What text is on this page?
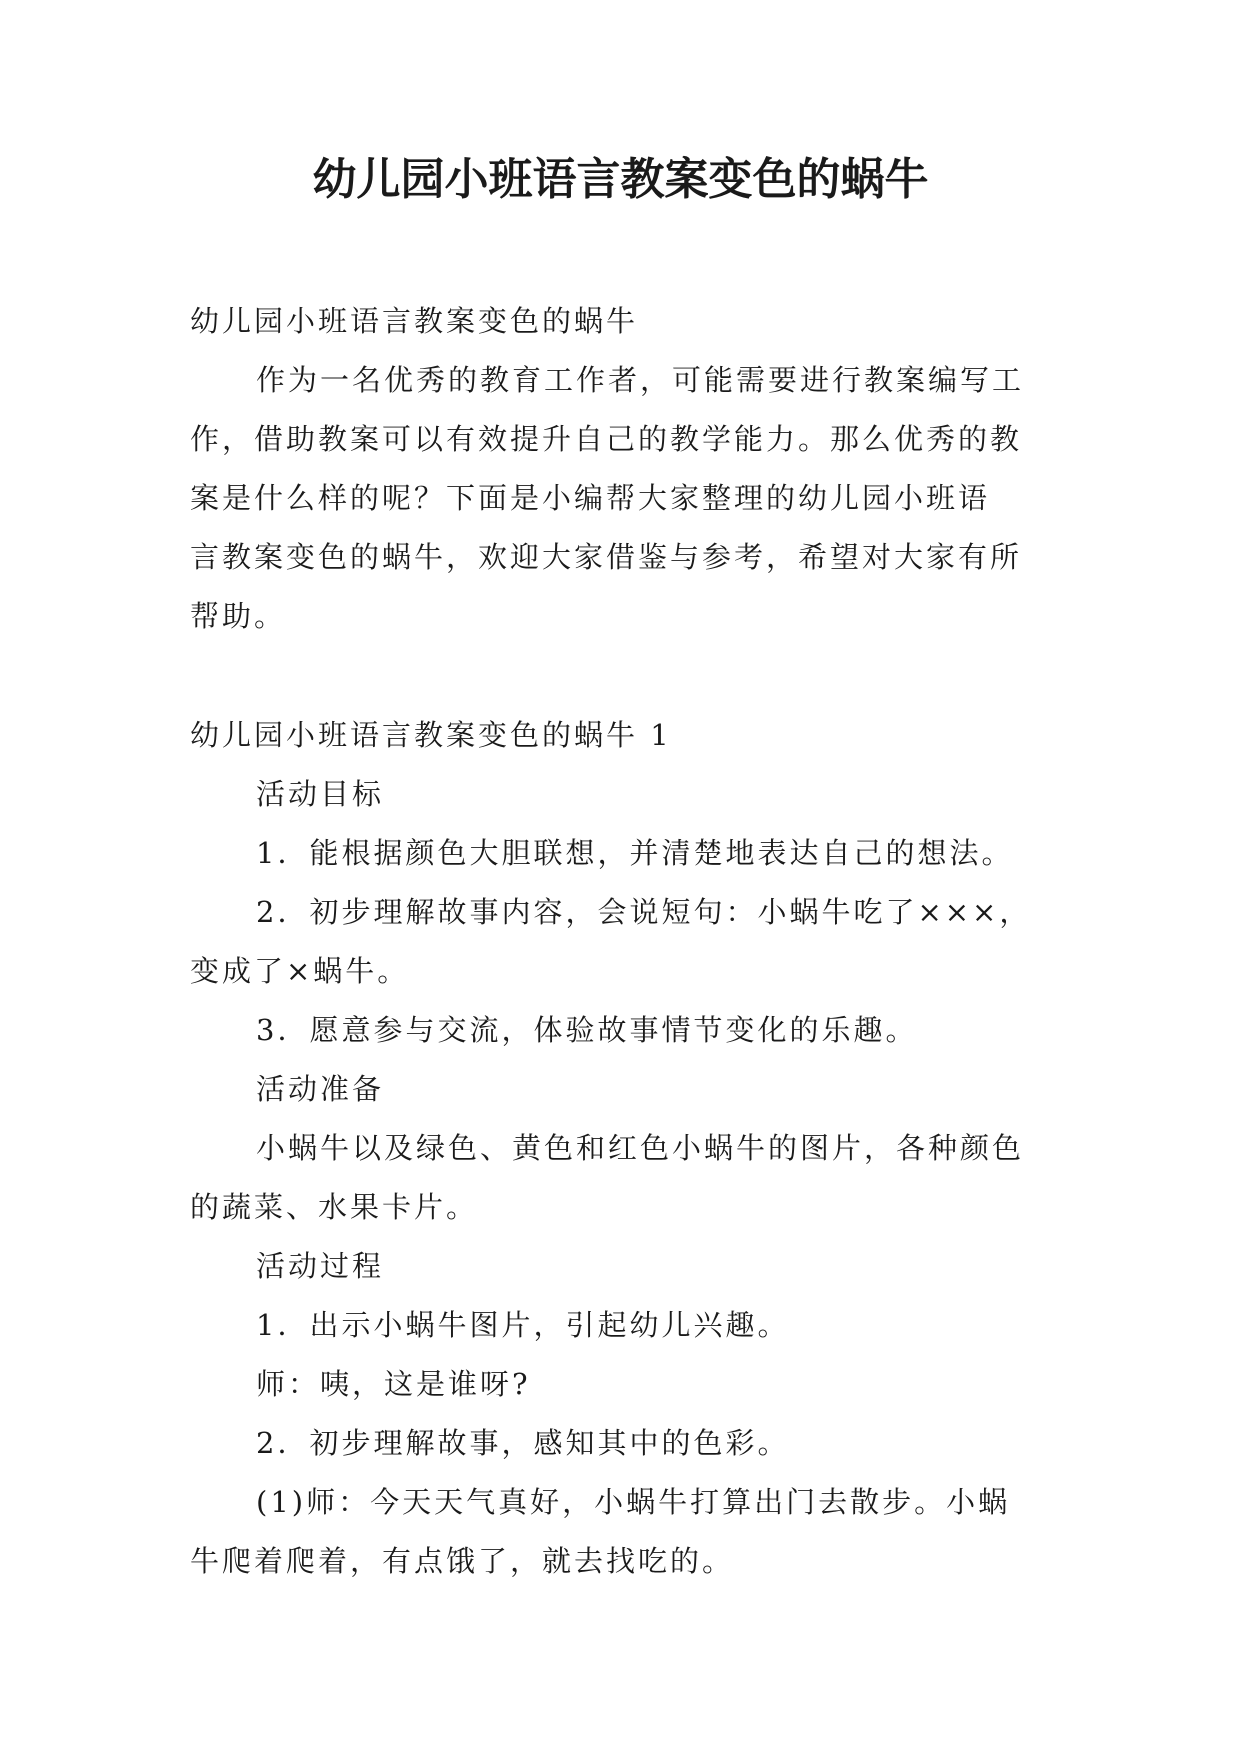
幼儿园小班语言教案变色的蜗牛

幼儿园小班语言教案变色的蜗牛

作为一名优秀的教育工作者，可能需要进行教案编写工

作，借助教案可以有效提升自己的教学能力。那么优秀的教

案是什么样的呢？下面是小编帮大家整理的幼儿园小班语

言教案变色的蜗牛，欢迎大家借鉴与参考，希望对大家有所

帮助。

幼儿园小班语言教案变色的蜗牛 1

活动目标

1．能根据颜色大胆联想，并清楚地表达自己的想法。

2．初步理解故事内容，会说短句：小蜗牛吃了×××，

变成了×蜗牛。

3．愿意参与交流，体验故事情节变化的乐趣。

活动准备

小蜗牛以及绿色、黄色和红色小蜗牛的图片，各种颜色

的蔬菜、水果卡片。

活动过程

1．出示小蜗牛图片，引起幼儿兴趣。

师：咦，这是谁呀?

2．初步理解故事，感知其中的色彩。

(1)师：今天天气真好，小蜗牛打算出门去散步。小蜗

牛爬着爬着，有点饿了，就去找吃的。
